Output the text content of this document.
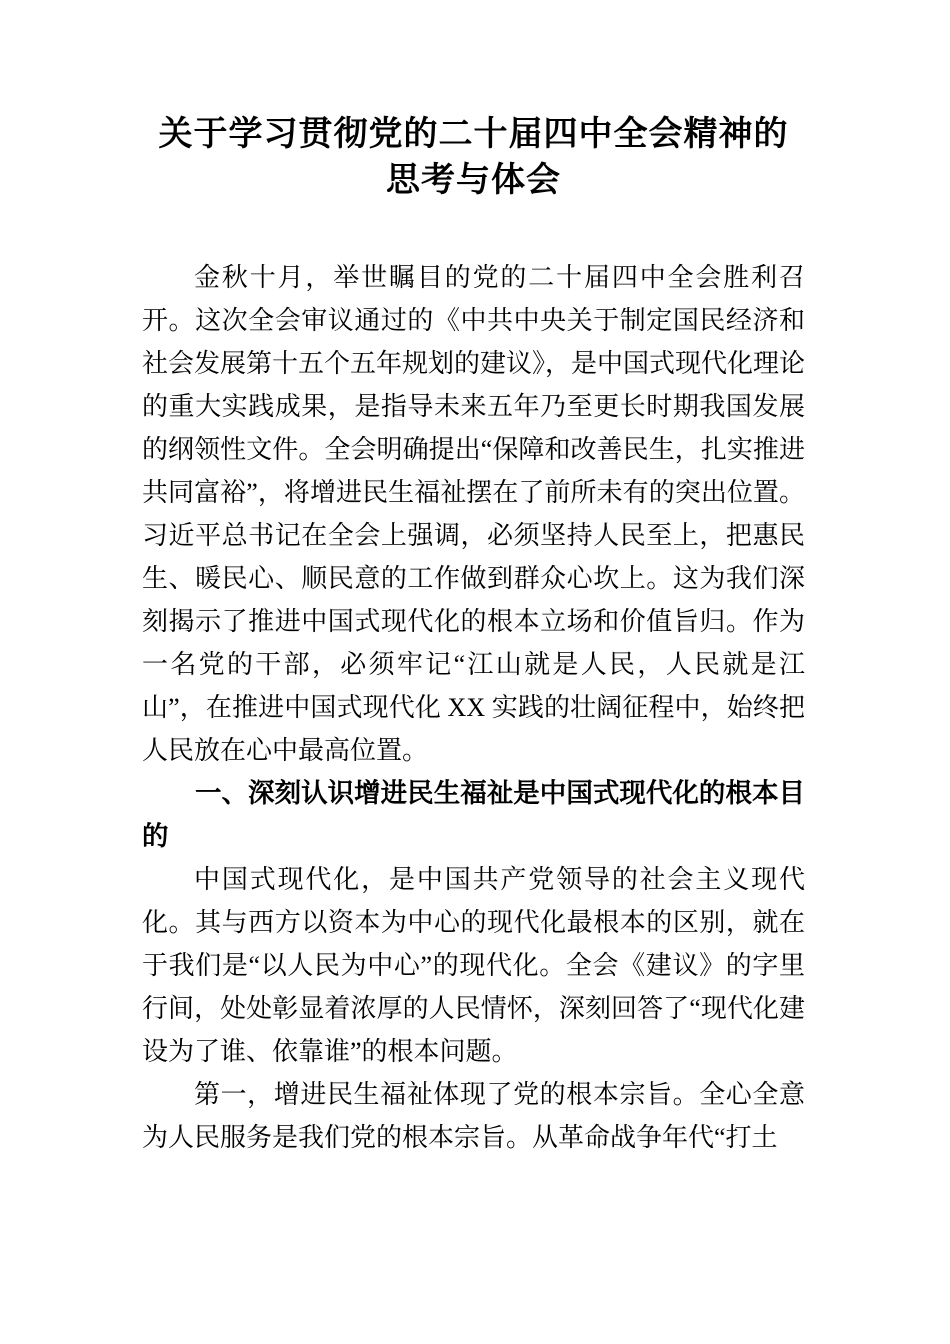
关于学习贯彻党的二十届四中全会精神的
思考与体会

金秋十月，举世瞩目的党的二十届四中全会胜利召开。这次全会审议通过的《中共中央关于制定国民经济和社会发展第十五个五年规划的建议》，是中国式现代化理论的重大实践成果，是指导未来五年乃至更长时期我国发展的纲领性文件。全会明确提出“保障和改善民生，扎实推进共同富裕”，将增进民生福祉摆在了前所未有的突出位置。习近平总书记在全会上强调，必须坚持人民至上，把惠民生、暖民心、顺民意的工作做到群众心坎上。这为我们深刻揭示了推进中国式现代化的根本立场和价值旨归。作为一名党的干部，必须牢记“江山就是人民，人民就是江山”，在推进中国式现代化 XX 实践的壮阔征程中，始终把人民放在心中最高位置。

一、深刻认识增进民生福祉是中国式现代化的根本目的

中国式现代化，是中国共产党领导的社会主义现代化。其与西方以资本为中心的现代化最根本的区别，就在于我们是“以人民为中心”的现代化。全会《建议》的字里行间，处处彰显着浓厚的人民情怀，深刻回答了“现代化建设为了谁、依靠谁”的根本问题。

第一，增进民生福祉体现了党的根本宗旨。全心全意为人民服务是我们党的根本宗旨。从革命战争年代“打土
